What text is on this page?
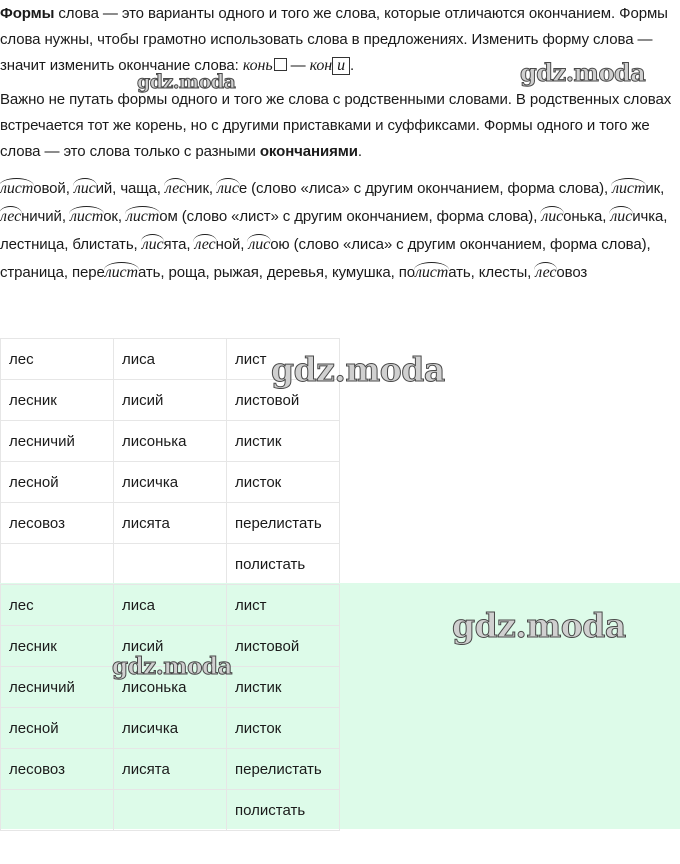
Формы слова — это варианты одного и того же слова, которые отличаются окончанием. Формы слова нужны, чтобы грамотно использовать слова в предложениях. Изменить форму слова — значит изменить окончание слова: конь — кон и .

Важно не путать формы одного и того же слова с родственными словами. В родственных словах встречается тот же корень, но с другими приставками и суффиксами. Формы одного и того же слова — это слова только с разными окончаниями.

листовой, лисий, чаща, лесник, лисе (слово «лиса» с другим окончанием, форма слова), листик, лесничий, листок, листом (слово «лист» с другим окончанием, форма слова), лисонька, лисичка, лестница, блистать, лисята, лесной, лисою (слово «лиса» с другим окончанием, форма слова), страница, перелистать, роща, рыжая, деревья, кумушка, полистать, клесты, лесовоз

лес	лиса	лист
лесник	лисий	листовой
лесничий	лисонька	листик
лесной	лисичка	листок
лесовоз	лисята	перелистать
		полистать
лес	лиса	лист
лесник	лисий	листовой
лесничий	лисонька	листик
лесной	лисичка	листок
лесовоз	лисята	перелистать
		полистать
gdz.moda	gdz.moda
gdz.moda
gdz.moda
gdz.moda
